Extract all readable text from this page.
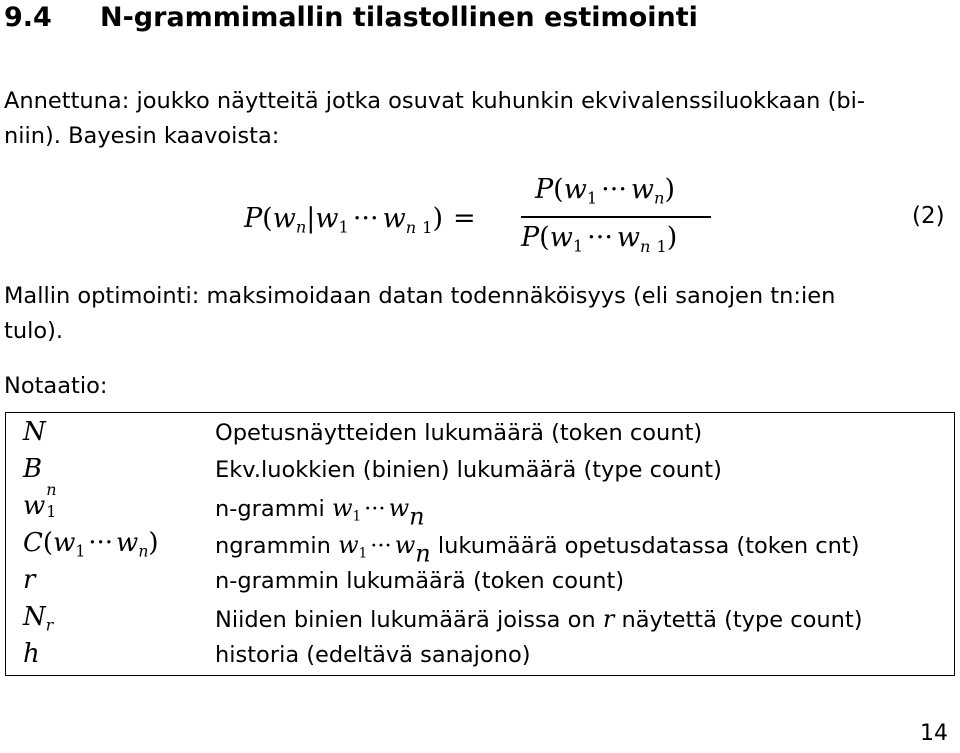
9.4 N-grammimallin tilastollinen estimointi
Annettuna: joukko näytteitä jotka osuvat kuhunkin ekvivalenssiluokkaan (bi-
niin). Bayesin kaavoista:
$P(w_n|w_1$ ··· $w_{n 1}$) =
$P(w_1$ ··· $w_n$)
$P(w_1$ ··· $w_{n 1}$)
(2)
Mallin optimointi: maksimoidaan datan todennäköisyys (eli sanojen tn:ien
tulo).
Notaatio:
N	Opetusnäytteiden lukumäärä (token count)
B	Ekv.luokkien (binien) lukumäärä (type count)
w
n
1	n-grammi $w_1$ ··· $w_n$
$C(w_1$ ··· $w_n$)	ngrammin $w_1$ ··· $w_n$ lukumäärä opetusdatassa (token cnt)
r	n-grammin lukumäärä (token count)
$N_r$	Niiden binien lukumäärä joissa on r näytettä (type count)
h	historia (edeltävä sanajono)
14
